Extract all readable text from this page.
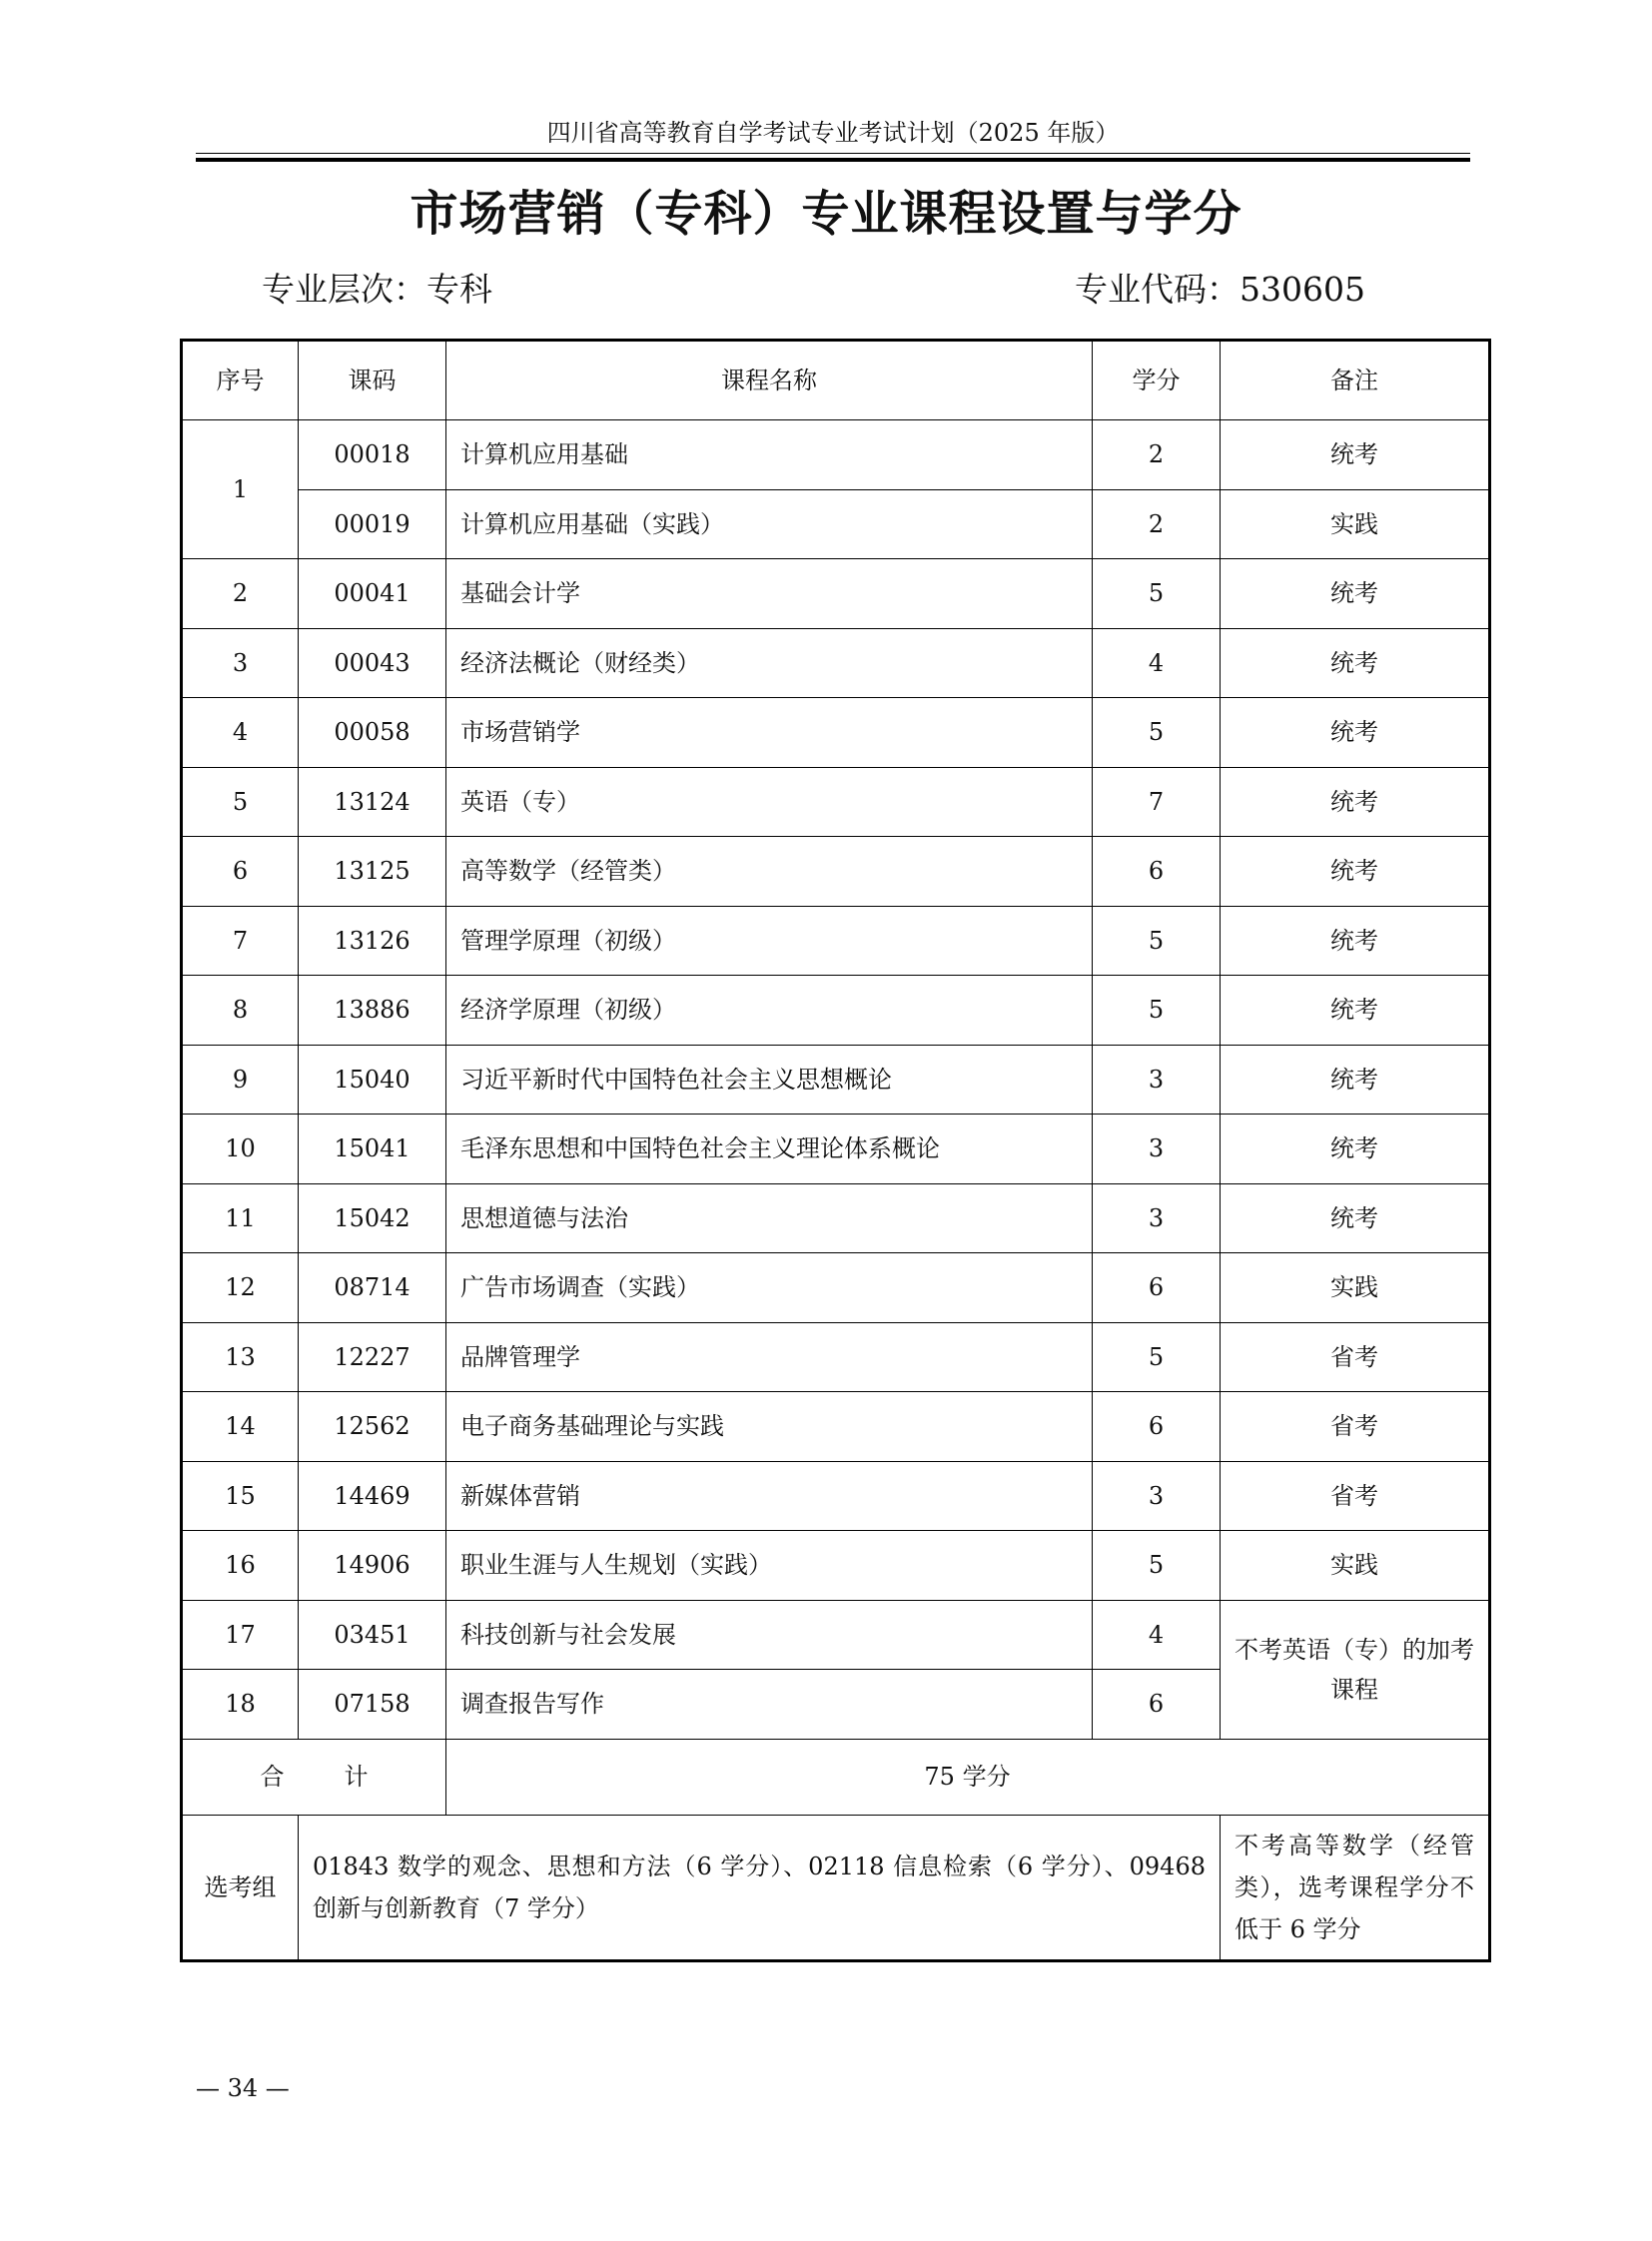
四川省高等教育自学考试专业考试计划（2025 年版）
市场营销（专科）专业课程设置与学分
专业层次：专科	专业代码：530605
序号	课码	课程名称	学分	备注
1	00018	计算机应用基础	2	统考
	00019	计算机应用基础（实践）	2	实践
2	00041	基础会计学	5	统考
3	00043	经济法概论（财经类）	4	统考
4	00058	市场营销学	5	统考
5	13124	英语（专）	7	统考
6	13125	高等数学（经管类）	6	统考
7	13126	管理学原理（初级）	5	统考
8	13886	经济学原理（初级）	5	统考
9	15040	习近平新时代中国特色社会主义思想概论	3	统考
10	15041	毛泽东思想和中国特色社会主义理论体系概论	3	统考
11	15042	思想道德与法治	3	统考
12	08714	广告市场调查（实践）	6	实践
13	12227	品牌管理学	5	省考
14	12562	电子商务基础理论与实践	6	省考
15	14469	新媒体营销	3	省考
16	14906	职业生涯与人生规划（实践）	5	实践
17	03451	科技创新与社会发展	4	不考英语（专）的加考课程
18	07158	调查报告写作	6	
合 计		75 学分		
选考组	01843 数学的观念、思想和方法（6 学分）、02118 信息检索（6 学分）、09468 创新与创新教育（7 学分）			不考高等数学（经管类），选考课程学分不低于 6 学分
— 34 —
